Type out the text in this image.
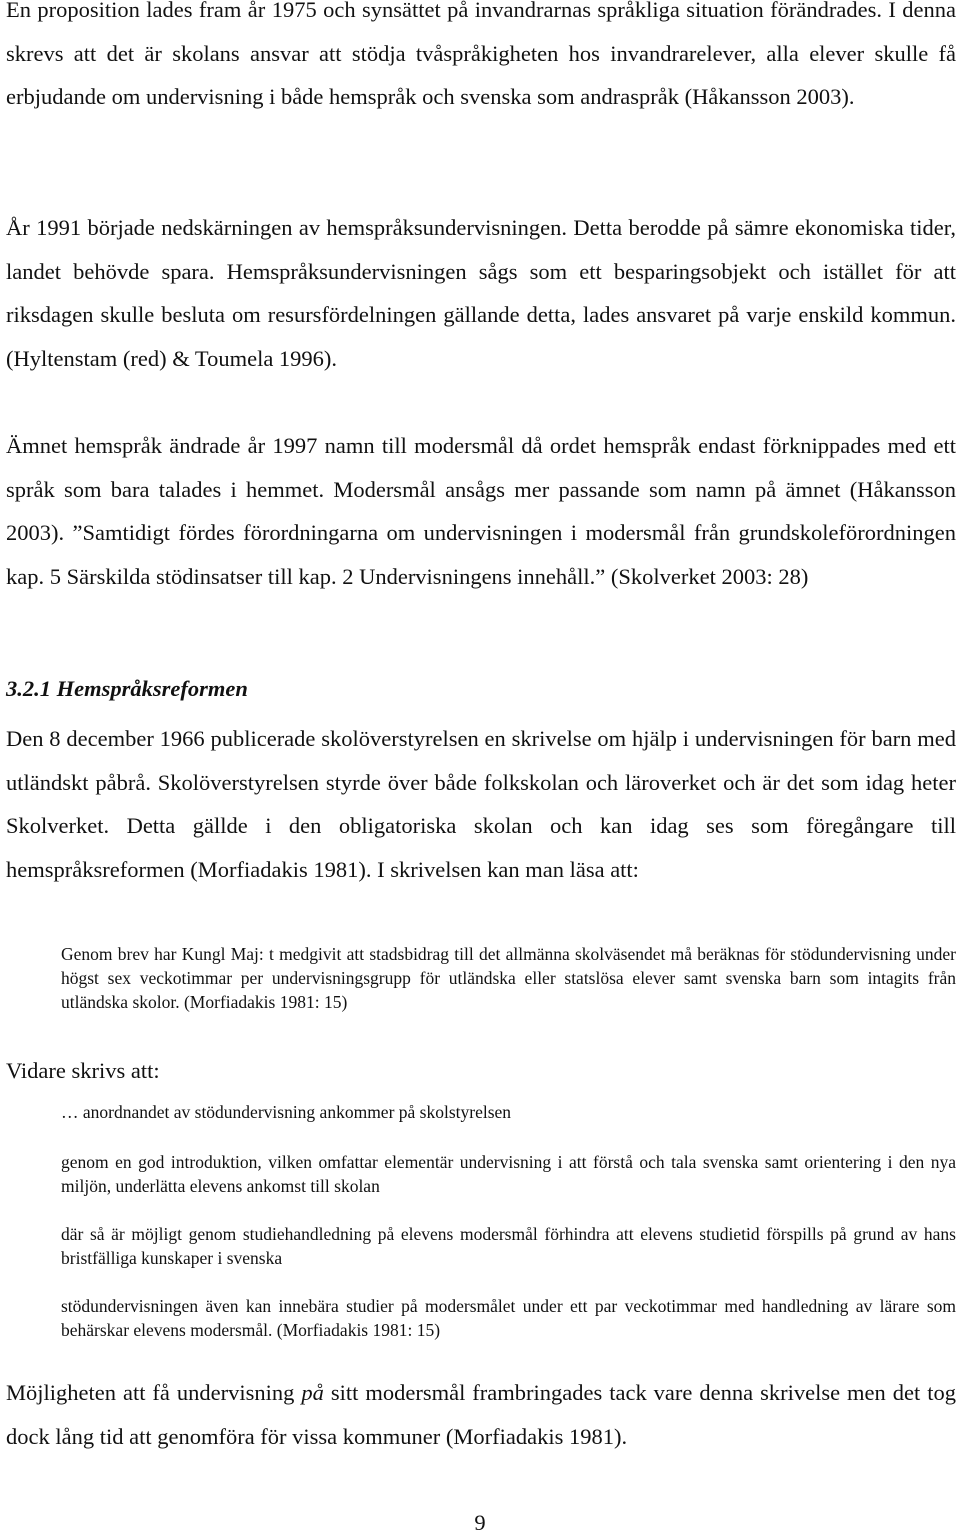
En proposition lades fram år 1975 och synsättet på invandrarnas språkliga situation förändrades. I denna skrevs att det är skolans ansvar att stödja tvåspråkigheten hos invandrarelever, alla elever skulle få erbjudande om undervisning i både hemspråk och svenska som andraspråk (Håkansson 2003).

År 1991 började nedskärningen av hemspråksundervisningen. Detta berodde på sämre ekonomiska tider, landet behövde spara. Hemspråksundervisningen sågs som ett besparingsobjekt och istället för att riksdagen skulle besluta om resursfördelningen gällande detta, lades ansvaret på varje enskild kommun. (Hyltenstam (red) & Toumela 1996).

Ämnet hemspråk ändrade år 1997 namn till modersmål då ordet hemspråk endast förknippades med ett språk som bara talades i hemmet. Modersmål ansågs mer passande som namn på ämnet (Håkansson 2003). ”Samtidigt fördes förordningarna om undervisningen i modersmål från grundskoleförordningen kap. 5 Särskilda stödinsatser till kap. 2 Undervisningens innehåll.” (Skolverket 2003: 28)

3.2.1 Hemspråksreformen

Den 8 december 1966 publicerade skolöverstyrelsen en skrivelse om hjälp i undervisningen för barn med utländskt påbrå. Skolöverstyrelsen styrde över både folkskolan och läroverket och är det som idag heter Skolverket. Detta gällde i den obligatoriska skolan och kan idag ses som föregångare till hemspråksreformen (Morfiadakis 1981). I skrivelsen kan man läsa att:

Genom brev har Kungl Maj: t medgivit att stadsbidrag till det allmänna skolväsendet må beräknas för stödundervisning under högst sex veckotimmar per undervisningsgrupp för utländska eller statslösa elever samt svenska barn som intagits från utländska skolor. (Morfiadakis 1981: 15)

Vidare skrivs att:

… anordnandet av stödundervisning ankommer på skolstyrelsen

genom en god introduktion, vilken omfattar elementär undervisning i att förstå och tala svenska samt orientering i den nya miljön, underlätta elevens ankomst till skolan

där så är möjligt genom studiehandledning på elevens modersmål förhindra att elevens studietid förspills på grund av hans bristfälliga kunskaper i svenska

stödundervisningen även kan innebära studier på modersmålet under ett par veckotimmar med handledning av lärare som behärskar elevens modersmål. (Morfiadakis 1981: 15)

Möjligheten att få undervisning på sitt modersmål frambringades tack vare denna skrivelse men det tog dock lång tid att genomföra för vissa kommuner (Morfiadakis 1981).

9
